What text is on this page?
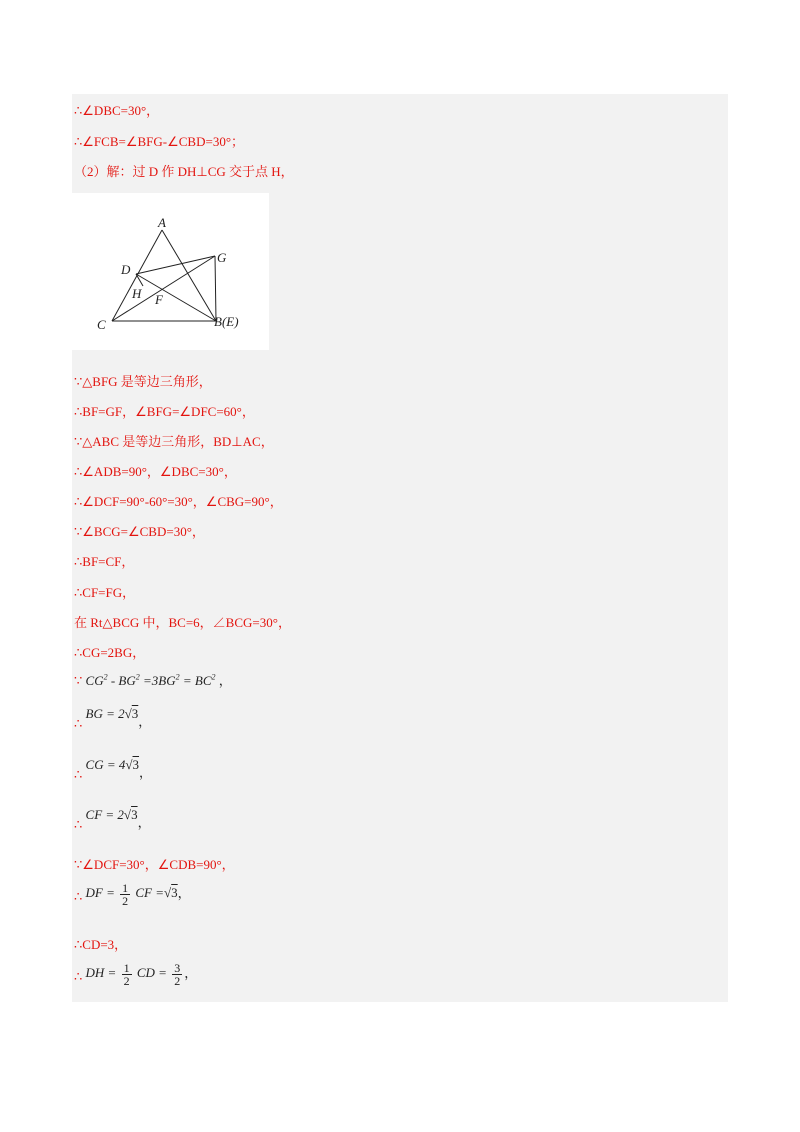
∴∠DBC=30°，
∴∠FCB=∠BFG-∠CBD=30°；
（2）解：过 D 作 DH⊥CG 交于点 H，
A
D
G
H F
C	B(E)
∵△BFG 是等边三角形，
∴BF=GF，∠BFG=∠DFC=60°，
∵△ABC 是等边三角形，BD⊥AC，
∴∠ADB=90°，∠DBC=30°，
∴∠DCF=90°-60°=30°，∠CBG=90°，
∵∠BCG=∠CBD=30°，
∴BF=CF，
∴CF=FG，
在 Rt△BCG 中，BC=6，∠BCG=30°，
∴CG=2BG，
∵ $CG^2 - BG^2 =3BG^2 = BC^2$ ，
∴ BG = 2√3，
∴ CG = 4√3，
∴ CF = 2√3，
∵∠DCF=30°，∠CDB=90°，
∴ DF = $\frac{1}{2}$ CF =√3，
∴CD=3，
∴ DH = $\frac{1}{2}$ CD = $\frac{3}{2}$ ，
